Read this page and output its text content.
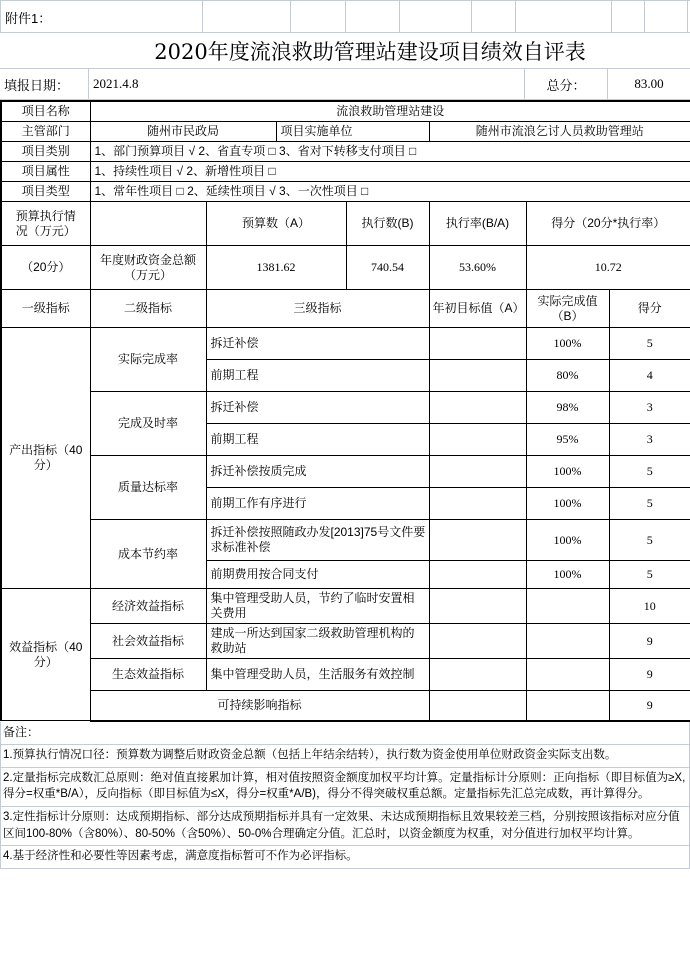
附件1：
2020年度流浪救助管理站建设项目绩效自评表
填报日期：	2021.4.8	总分：	83.00
项目名称	流浪救助管理站建设						
主管部门	随州市民政局		项目实施单位		随州市流浪乞讨人员救助管理站		
项目类别	1、部门预算项目 √ 2、省直专项 □ 3、省对下转移支付项目 □						
项目属性	1、持续性项目 √ 2、新增性项目 □						
项目类型	1、常年性项目 □ 2、延续性项目 √ 3、一次性项目 □						
预算执行情
况（万元）		预算数（A）		执行数(B)	执行率(B/A)	得分（20分*执行率）	
（20分）	年度财政资金总额（万元）	1381.62		740.54	53.60%	10.72	
一级指标	二级指标	三级指标			年初目标值（A）	实际完成值（B）	得分
产出指标（40分）	实际完成率	拆迁补偿				100%	5
		前期工程				80%	4
	完成及时率	拆迁补偿				98%	3
		前期工程				95%	3
	质量达标率	拆迁补偿按质完成				100%	5
		前期工作有序进行				100%	5
	成本节约率	拆迁补偿按照随政办发[2013]75号文件要求标准补偿				100%	5
		前期费用按合同支付				100%	5
效益指标（40分）	经济效益指标	集中管理受助人员，节约了临时安置相关费用					10
	社会效益指标	建成一所达到国家二级救助管理机构的救助站					9
	生态效益指标	集中管理受助人员，生活服务有效控制					9
	可持续影响指标						9
备注：
1.预算执行情况口径：预算数为调整后财政资金总额（包括上年结余结转），执行数为资金使用单位财政资金实际支出数。
2.定量指标完成数汇总原则：绝对值直接累加计算，相对值按照资金额度加权平均计算。定量指标计分原则：正向指标（即目标值为≥X,得分=权重*B/A），反向指标（即目标值为≤X，得分=权重*A/B)，得分不得突破权重总额。定量指标先汇总完成数，再计算得分。
3.定性指标计分原则：达成预期指标、部分达成预期指标并具有一定效果、未达成预期指标且效果较差三档，分别按照该指标对应分值区间100-80%（含80%）、80-50%（含50%）、50-0%合理确定分值。汇总时，以资金额度为权重，对分值进行加权平均计算。
4.基于经济性和必要性等因素考虑，满意度指标暂可不作为必评指标。
